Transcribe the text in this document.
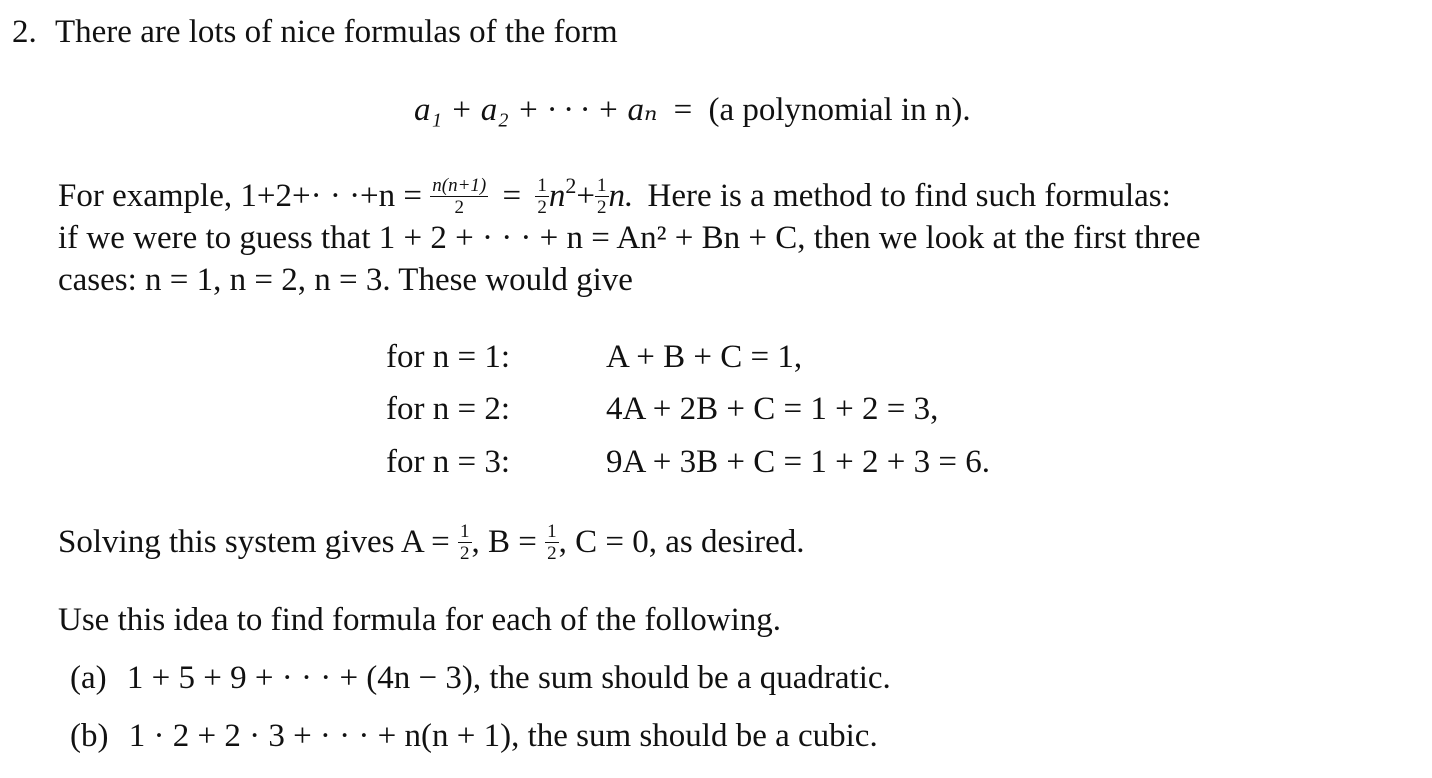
2. There are lots of nice formulas of the form
a₁ + a₂ + · · · + aₙ = (a polynomial in n).
For example, $1+2+\cdot \cdot \cdot+n = \frac{n(n+1)}{2} = \frac{1}{2} n^2+ \frac{1}{2} n$. Here is a method to find such formulas:
if we were to guess that 1 + 2 + · · · + n = An² + Bn + C, then we look at the first three
cases: n = 1, n = 2, n = 3. These would give
for n = 1:	A + B + C = 1,
for n = 2:	4A + 2B + C = 1 + 2 = 3,
for n = 3:	9A + 3B + C = 1 + 2 + 3 = 6.
Solving this system gives $A = \frac{1}{2}$ , $B = \frac{1}{2}$ , C = 0, as desired.
Use this idea to find formula for each of the following.
(a) 1 + 5 + 9 + · · · + (4n − 3), the sum should be a quadratic.
(b) 1 · 2 + 2 · 3 + · · · + n(n + 1), the sum should be a cubic.
